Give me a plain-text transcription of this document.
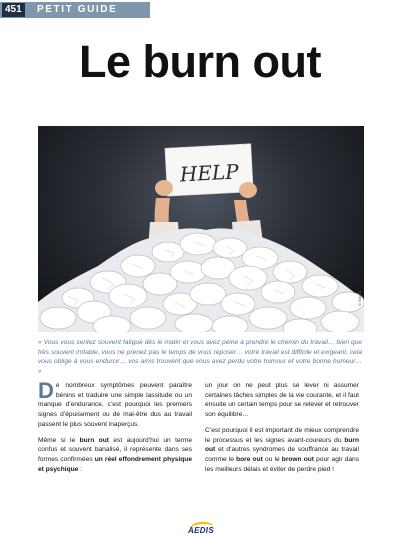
451	PETIT GUIDE
Le burn out
HELP
© iStock
« Vous vous sentez souvent fatigué dès le matin et vous avez peine à prendre le chemin du travail… bien que très souvent irritable, vous ne prenez pas le temps de vous reposer… votre travail est difficile et exigeant, cela vous oblige à vous endurcir… vos amis trouvent que vous avez perdu votre humour et votre bonne humeur… »

De nombreux symptômes peuvent paraître bénins et traduire une simple lassitude ou un manque d’endurance, c’est pourquoi les premiers signes d’épuisement ou de mal-être dus au travail passent le plus souvent inaperçus.

Même si le burn out est aujourd’hui un terme confus et souvent banalisé, il représente dans ses formes confirmées un réel effondrement physique et psychique :

un jour on ne peut plus se lever ni assumer certaines tâches simples de la vie courante, et il faut ensuite un certain temps pour se relever et retrouver son équilibre…

C’est pourquoi il est important de mieux comprendre le processus et les signes avant-coureurs du burn out et d’autres syndromes de souffrance au travail comme le bore out ou le brown out pour agir dans les meilleurs délais et éviter de perdre pied !

AEDIS
